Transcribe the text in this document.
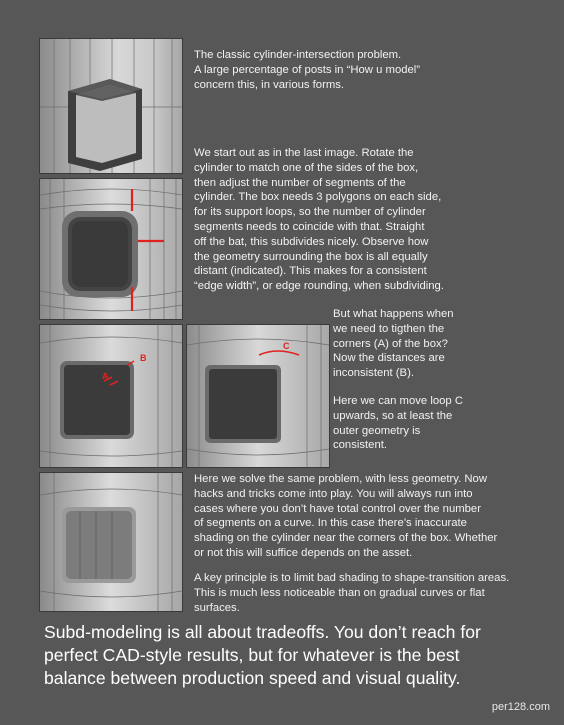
A
B
C
The classic cylinder-intersection problem.
A large percentage of posts in “How u model”
concern this, in various forms.
We start out as in the last image. Rotate the
cylinder to match one of the sides of the box,
then adjust the number of segments of the
cylinder. The box needs 3 polygons on each side,
for its support loops, so the number of cylinder
segments needs to coincide with that. Straight
off the bat, this subdivides nicely. Observe how
the geometry surrounding the box is all equally
distant (indicated). This makes for a consistent
“edge width”, or edge rounding, when subdividing.
But what happens when
we need to tigthen the
corners (A) of the box?
Now the distances are
inconsistent (B).
Here we can move loop C
upwards, so at least the
outer geometry is
consistent.
Here we solve the same problem, with less geometry. Now
hacks and tricks come into play. You will always run into
cases where you don’t have total control over the number
of segments on a curve. In this case there’s inaccurate
shading on the cylinder near the corners of the box. Whether
or not this will suffice depends on the asset.
A key principle is to limit bad shading to shape-transition areas.
This is much less noticeable than on gradual curves or flat
surfaces.
Subd-modeling is all about tradeoffs. You don’t reach for
perfect CAD-style results, but for whatever is the best
balance between production speed and visual quality.
per128.com
